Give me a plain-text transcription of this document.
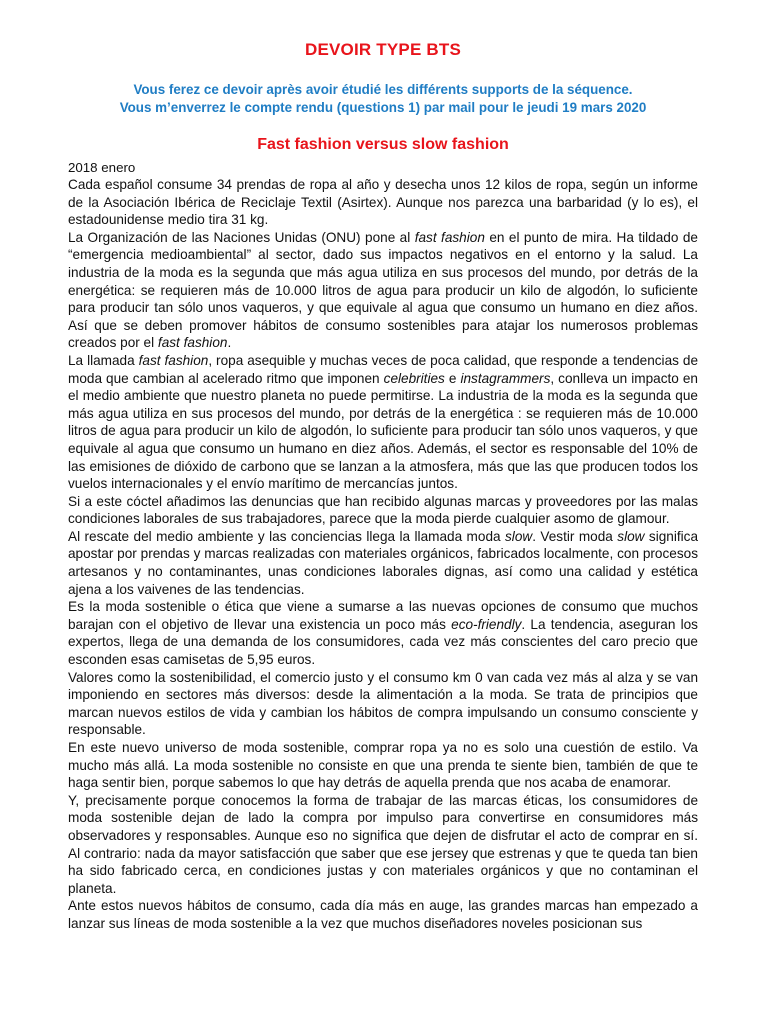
DEVOIR TYPE BTS

Vous ferez ce devoir après avoir étudié les différents supports de la séquence.

Vous m’enverrez le compte rendu (questions 1) par mail pour le jeudi 19 mars 2020

Fast fashion versus slow fashion

2018 enero

Cada español consume 34 prendas de ropa al año y desecha unos 12 kilos de ropa, según un informe de la Asociación Ibérica de Reciclaje Textil (Asirtex). Aunque nos parezca una barbaridad (y lo es), el estadounidense medio tira 31 kg.

La Organización de las Naciones Unidas (ONU) pone al fast fashion en el punto de mira. Ha tildado de “emergencia medioambiental” al sector, dado sus impactos negativos en el entorno y la salud. La industria de la moda es la segunda que más agua utiliza en sus procesos del mundo, por detrás de la energética: se requieren más de 10.000 litros de agua para producir un kilo de algodón, lo suficiente para producir tan sólo unos vaqueros, y que equivale al agua que consumo un humano en diez años. Así que se deben promover hábitos de consumo sostenibles para atajar los numerosos problemas creados por el fast fashion.

La llamada fast fashion, ropa asequible y muchas veces de poca calidad, que responde a tendencias de moda que cambian al acelerado ritmo que imponen celebrities e instagrammers, conlleva un impacto en el medio ambiente que nuestro planeta no puede permitirse. La industria de la moda es la segunda que más agua utiliza en sus procesos del mundo, por detrás de la energética : se requieren más de 10.000 litros de agua para producir un kilo de algodón, lo suficiente para producir tan sólo unos vaqueros, y que equivale al agua que consumo un humano en diez años. Además, el sector es responsable del 10% de las emisiones de dióxido de carbono que se lanzan a la atmosfera, más que las que producen todos los vuelos internacionales y el envío marítimo de mercancías juntos.

Si a este cóctel añadimos las denuncias que han recibido algunas marcas y proveedores por las malas condiciones laborales de sus trabajadores, parece que la moda pierde cualquier asomo de glamour.

Al rescate del medio ambiente y las conciencias llega la llamada moda slow. Vestir moda slow significa apostar por prendas y marcas realizadas con materiales orgánicos, fabricados localmente, con procesos artesanos y no contaminantes, unas condiciones laborales dignas, así como una calidad y estética ajena a los vaivenes de las tendencias.

Es la moda sostenible o ética que viene a sumarse a las nuevas opciones de consumo que muchos barajan con el objetivo de llevar una existencia un poco más eco-friendly. La tendencia, aseguran los expertos, llega de una demanda de los consumidores, cada vez más conscientes del caro precio que esconden esas camisetas de 5,95 euros.

Valores como la sostenibilidad, el comercio justo y el consumo km 0 van cada vez más al alza y se van imponiendo en sectores más diversos: desde la alimentación a la moda. Se trata de principios que marcan nuevos estilos de vida y cambian los hábitos de compra impulsando un consumo consciente y responsable.

En este nuevo universo de moda sostenible, comprar ropa ya no es solo una cuestión de estilo. Va mucho más allá. La moda sostenible no consiste en que una prenda te siente bien, también de que te haga sentir bien, porque sabemos lo que hay detrás de aquella prenda que nos acaba de enamorar.

Y, precisamente porque conocemos la forma de trabajar de las marcas éticas, los consumidores de moda sostenible dejan de lado la compra por impulso para convertirse en consumidores más observadores y responsables. Aunque eso no significa que dejen de disfrutar el acto de comprar en sí. Al contrario: nada da mayor satisfacción que saber que ese jersey que estrenas y que te queda tan bien ha sido fabricado cerca, en condiciones justas y con materiales orgánicos y que no contaminan el planeta.

Ante estos nuevos hábitos de consumo, cada día más en auge, las grandes marcas han empezado a lanzar sus líneas de moda sostenible a la vez que muchos diseñadores noveles posicionan sus
